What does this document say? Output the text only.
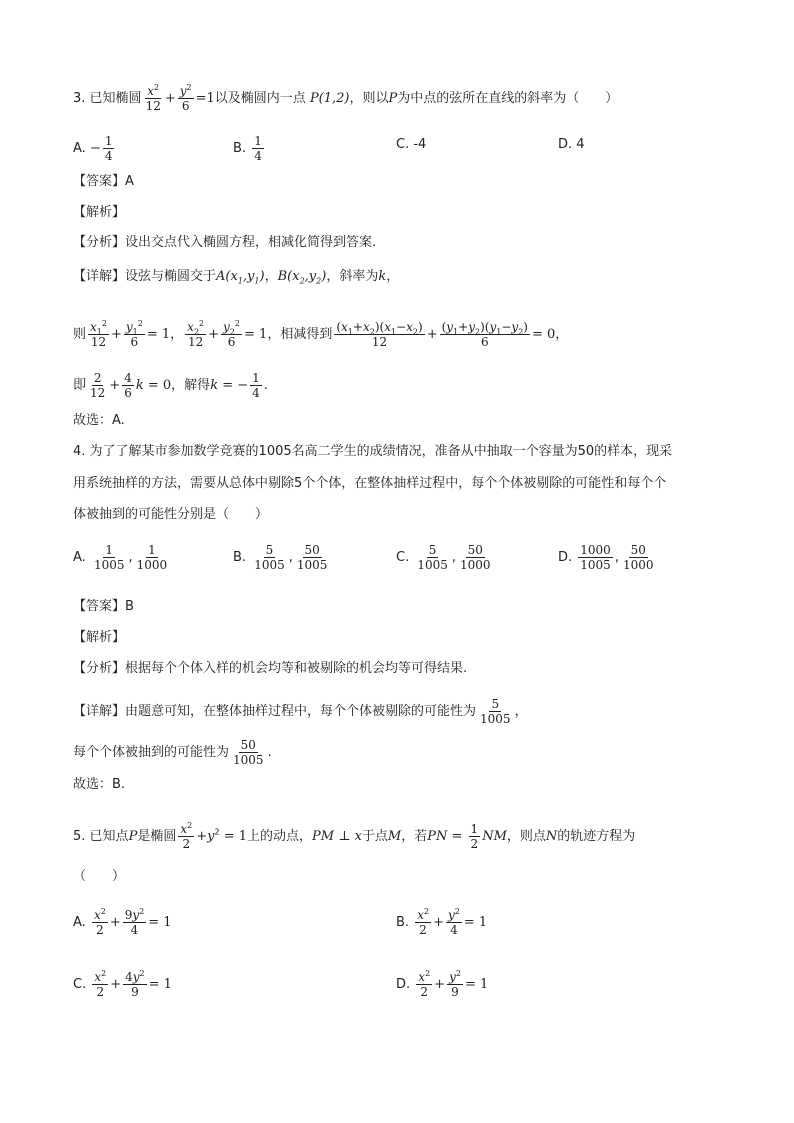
3. 已知椭圆 $\frac{x^2}{12} + \frac{y^2}{6} =1$以及椭圆内一点 P(1,2)，则以P为中点的弦所在直线的斜率为（　　）
A. − $\frac{1}{4}$	B. $\frac{1}{4}$	C. -4	D. 4
【答案】A
【解析】
【分析】设出交点代入椭圆方程，相减化简得到答案.
【详解】设弦与椭圆交于$A(x_1,y_1)$，$B(x_2,y_2)$，斜率为k，
则 $\frac{x_1^2}{12} + \frac{y_1^2}{6} = 1$， $\frac{x_2^2}{12} + \frac{y_2^2}{6} = 1$，相减得到 $\frac{(x_1+x_2)(x_1-x_2)}{12} + \frac{(y_1+y_2)(y_1-y_2)}{6} = 0$，
即 $\frac{2}{12} + \frac{4}{6}$ k = 0，解得k = − $\frac{1}{4}$ .
故选：A.
4. 为了了解某市参加数学竞赛的1005名高二学生的成绩情况，准备从中抽取一个容量为50的样本，现采
用系统抽样的方法，需要从总体中剔除5个个体，在整体抽样过程中，每个个体被剔除的可能性和每个个
体被抽到的可能性分别是（　　）
A. $\frac{1}{1005}$ , $\frac{1}{1000}$	B. $\frac{5}{1005}$ , $\frac{50}{1005}$	C. $\frac{5}{1005}$ , $\frac{50}{1000}$	D. $\frac{1000}{1005}$ , $\frac{50}{1000}$
【答案】B
【解析】
【分析】根据每个个体入样的机会均等和被剔除的机会均等可得结果.
【详解】由题意可知，在整体抽样过程中，每个个体被剔除的可能性为 $\frac{5}{1005}$ ，
每个个体被抽到的可能性为 $\frac{50}{1005}$ .
故选：B.
5. 已知点P是椭圆 $\frac{x^2}{2} +y^2 = 1$上的动点，PM ⊥ x于点M，若PN = $\frac{1}{2}$ NM，则点N的轨迹方程为
（　　）
A. $\frac{x^2}{2} + \frac{9y^2}{4} = 1$	B. $\frac{x^2}{2} + \frac{y^2}{4} = 1$
C. $\frac{x^2}{2} + \frac{4y^2}{9} = 1$	D. $\frac{x^2}{2} + \frac{y^2}{9} = 1$
